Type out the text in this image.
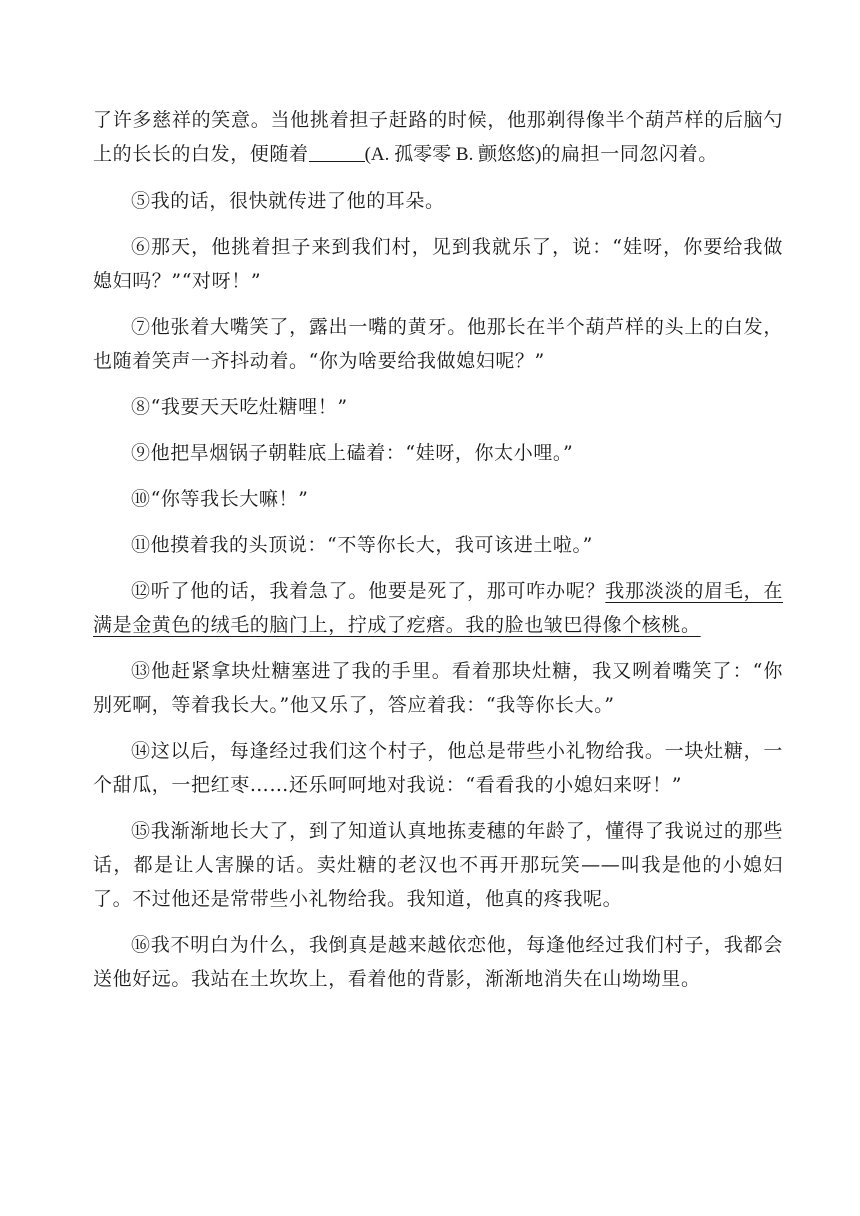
了许多慈祥的笑意。当他挑着担子赶路的时候，他那剃得像半个葫芦样的后脑勺上的长长的白发，便随着	(A. 孤零零 B. 颤悠悠)的扁担一同忽闪着。

⑤我的话，很快就传进了他的耳朵。

⑥那天，他挑着担子来到我们村，见到我就乐了，说：“娃呀，你要给我做媳妇吗？”“对呀！”

⑦他张着大嘴笑了，露出一嘴的黄牙。他那长在半个葫芦样的头上的白发，也随着笑声一齐抖动着。“你为啥要给我做媳妇呢？”

⑧“我要天天吃灶糖哩！”

⑨他把旱烟锅子朝鞋底上磕着：“娃呀，你太小哩。”

⑩“你等我长大嘛！”

⑪他摸着我的头顶说：“不等你长大，我可该进土啦。”

⑫听了他的话，我着急了。他要是死了，那可咋办呢？我那淡淡的眉毛，在满是金黄色的绒毛的脑门上，拧成了疙瘩。我的脸也皱巴得像个核桃。

⑬他赶紧拿块灶糖塞进了我的手里。看着那块灶糖，我又咧着嘴笑了：“你别死啊，等着我长大。”他又乐了，答应着我：“我等你长大。”

⑭这以后，每逢经过我们这个村子，他总是带些小礼物给我。一块灶糖，一个甜瓜，一把红枣……还乐呵呵地对我说：“看看我的小媳妇来呀！”

⑮我渐渐地长大了，到了知道认真地拣麦穗的年龄了，懂得了我说过的那些话，都是让人害臊的话。卖灶糖的老汉也不再开那玩笑——叫我是他的小媳妇了。不过他还是常带些小礼物给我。我知道，他真的疼我呢。

⑯我不明白为什么，我倒真是越来越依恋他，每逢他经过我们村子，我都会送他好远。我站在土坎坎上，看着他的背影，渐渐地消失在山坳坳里。
